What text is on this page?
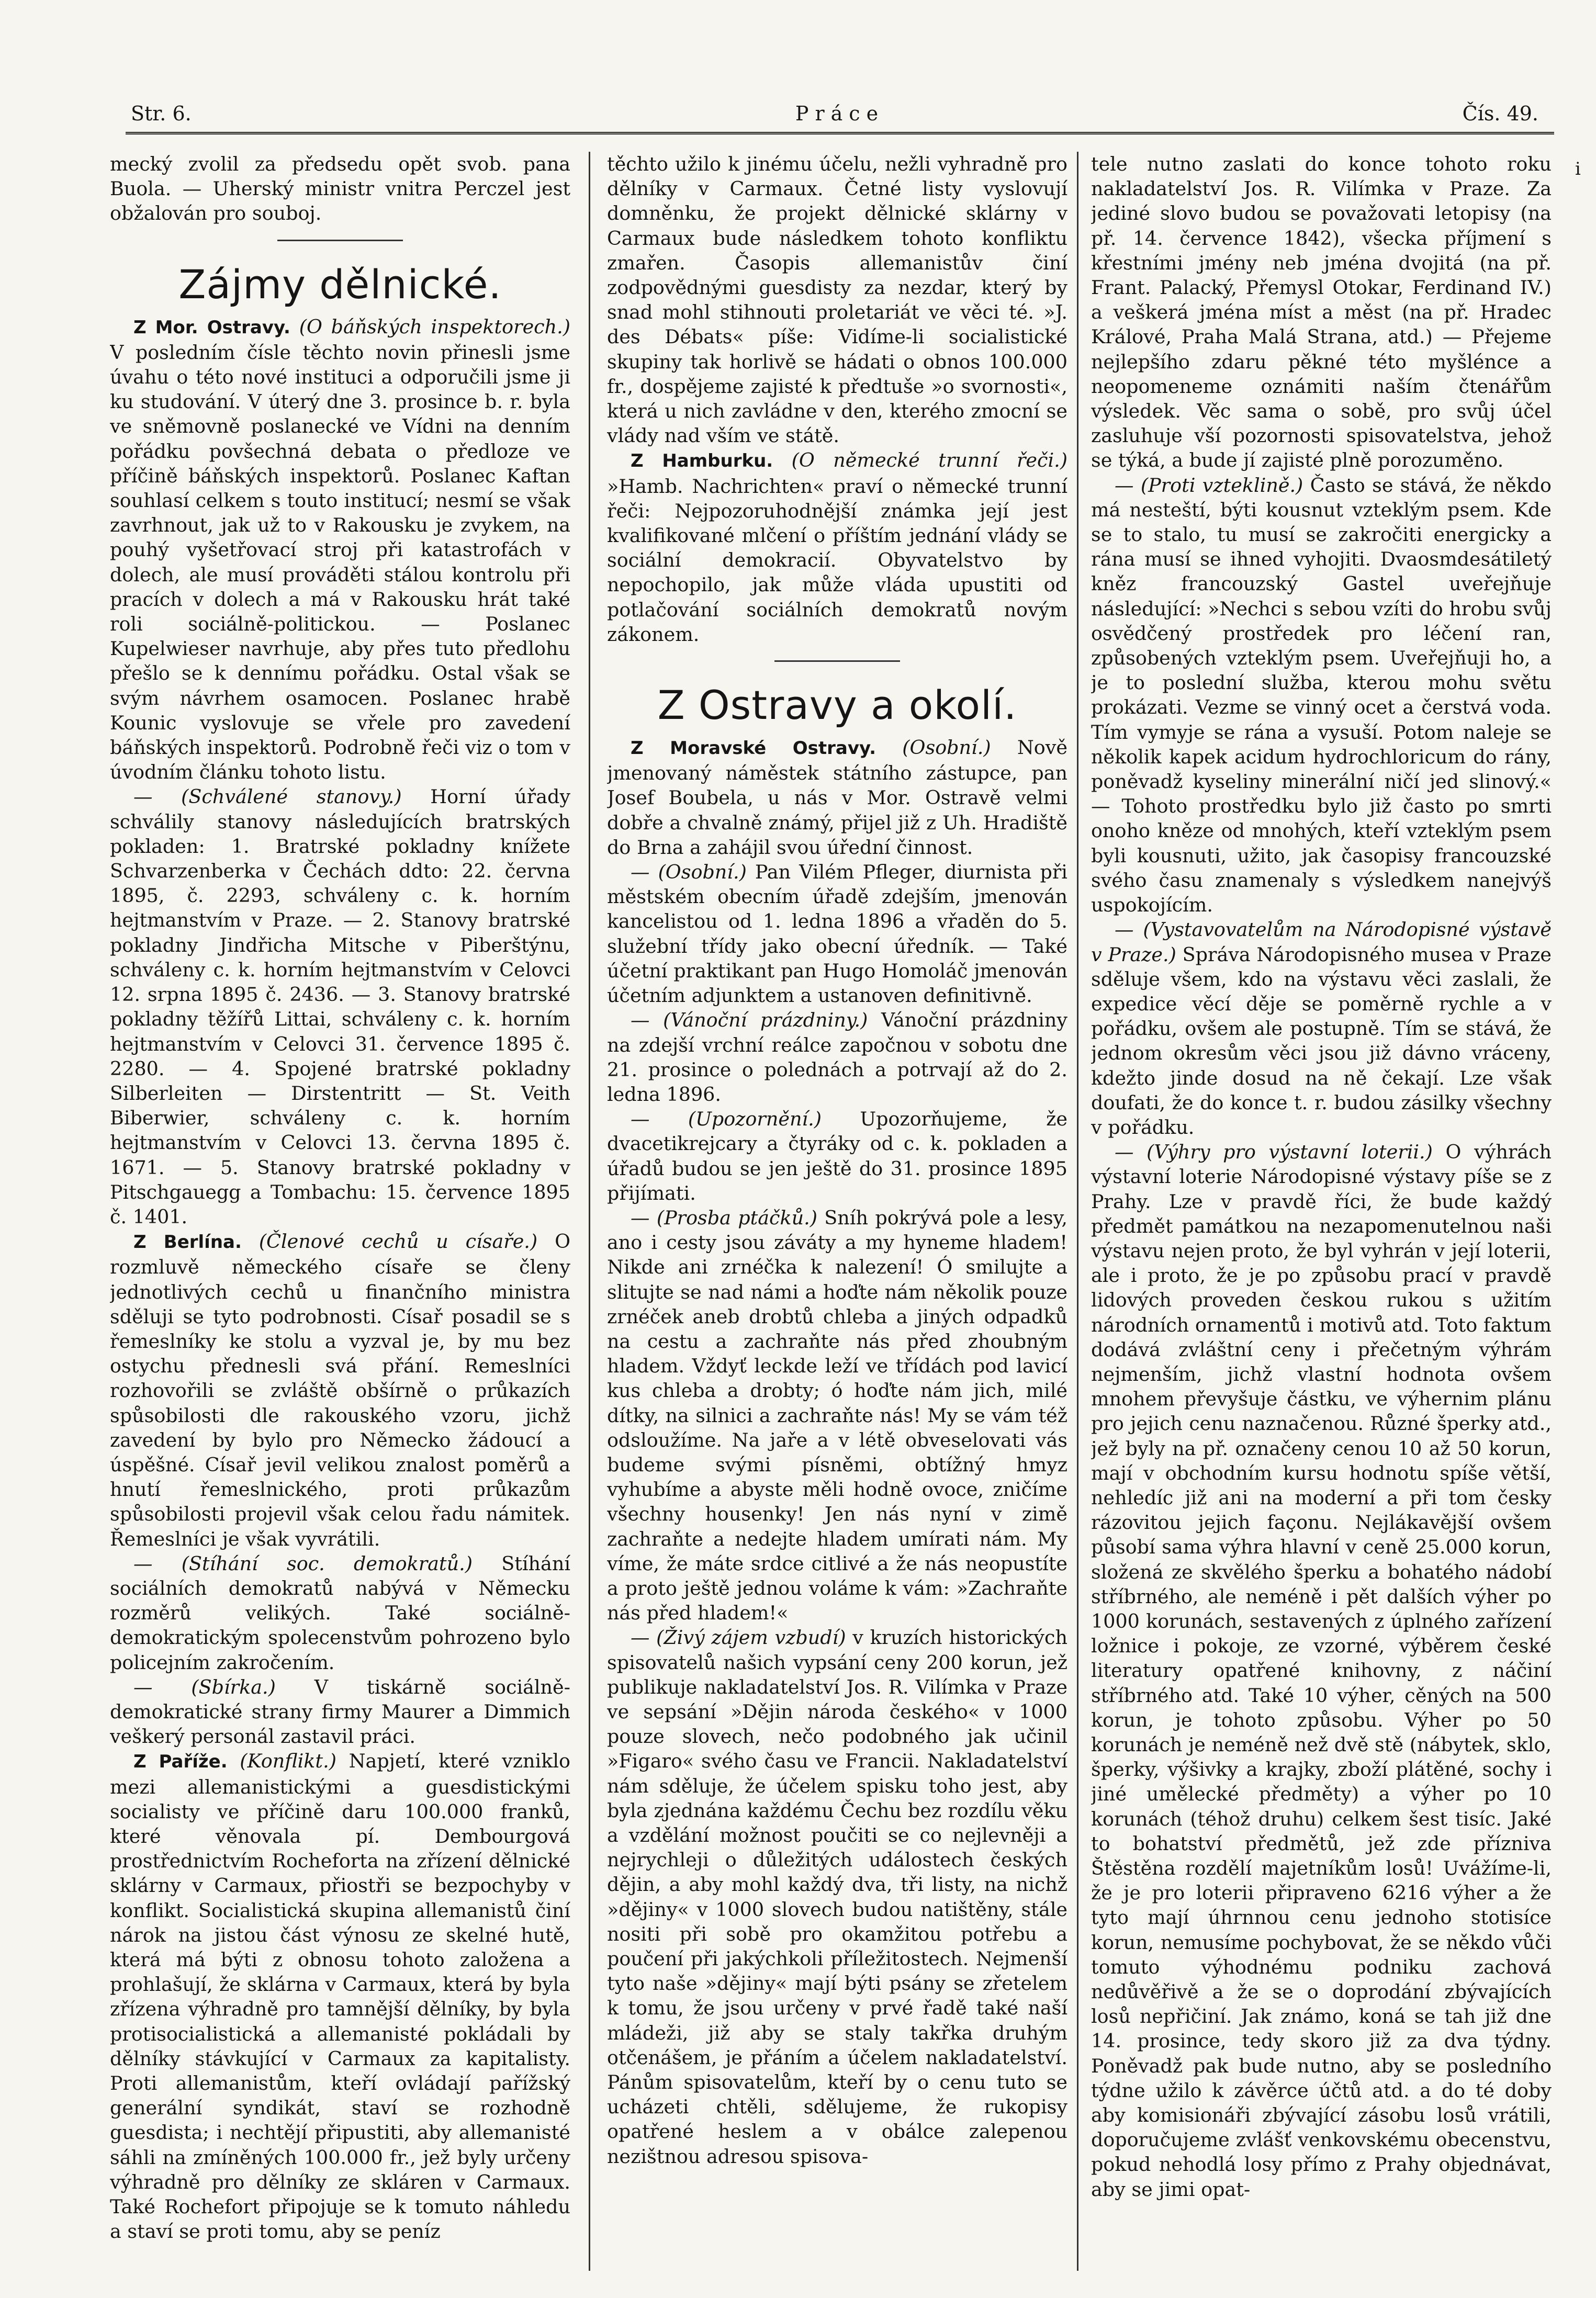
Str. 6.	Práce	Čís. 49.

mecký zvolil za předsedu opět svob. pana Buola. — Uherský ministr vnitra Perczel jest obžalován pro souboj.

Zájmy dělnické.

Z Mor. Ostravy. (O báňských inspektorech.) V posledním čísle těchto novin přinesli jsme úvahu o této nové instituci a odporučili jsme ji ku studování. V úterý dne 3. prosince b. r. byla ve sněmovně poslanecké ve Vídni na denním pořádku povšechná debata o předloze ve příčině báňských inspektorů. Poslanec Kaftan souhlasí celkem s touto institucí; nesmí se však zavrhnout, jak už to v Rakousku je zvykem, na pouhý vyšetřovací stroj při katastrofách v dolech, ale musí prováděti stálou kontrolu při pracích v dolech a má v Rakousku hrát také roli sociálně-politickou. — Poslanec Kupelwieser navrhuje, aby přes tuto předlohu přešlo se k dennímu pořádku. Ostal však se svým návrhem osamocen. Poslanec hrabě Kounic vyslovuje se vřele pro zavedení báňských inspektorů. Podrobně řeči viz o tom v úvodním článku tohoto listu.

— (Schválené stanovy.) Horní úřady schválily stanovy následujících bratrských pokladen: 1. Bratrské pokladny knížete Schvarzenberka v Čechách ddto: 22. června 1895, č. 2293, schváleny c. k. horním hejtmanstvím v Praze. — 2. Stanovy bratrské pokladny Jindřicha Mitsche v Piberštýnu, schváleny c. k. horním hejtmanstvím v Celovci 12. srpna 1895 č. 2436. — 3. Stanovy bratrské pokladny těžířů Littai, schváleny c. k. horním hejtmanstvím v Celovci 31. července 1895 č. 2280. — 4. Spojené bratrské pokladny Silberleiten — Dirstentritt — St. Veith Biberwier, schváleny c. k. horním hejtmanstvím v Celovci 13. června 1895 č. 1671. — 5. Stanovy bratrské pokladny v Pitschgauegg a Tombachu: 15. července 1895 č. 1401.

Z Berlína. (Členové cechů u císaře.) O rozmluvě německého císaře se členy jednotlivých cechů u finančního ministra sděluji se tyto podrobnosti. Císař posadil se s řemeslníky ke stolu a vyzval je, by mu bez ostychu přednesli svá přání. Remeslníci rozhovořili se zvláště obšírně o průkazích spůsobilosti dle rakouského vzoru, jichž zavedení by bylo pro Německo žádoucí a úspěšné. Císař jevil velikou znalost poměrů a hnutí řemeslnického, proti průkazům spůsobilosti projevil však celou řadu námitek. Řemeslníci je však vyvrátili.

— (Stíhání soc. demokratů.) Stíhání sociálních demokratů nabývá v Německu rozměrů velikých. Také sociálně-demokratickým spolecenstvům pohrozeno bylo policejním zakročením.

— (Sbírka.) V tiskárně sociálně-demokratické strany firmy Maurer a Dimmich veškerý personál zastavil práci.

Z Paříže. (Konflikt.) Napjetí, které vzniklo mezi allemanistickými a guesdistickými socialisty ve příčině daru 100.000 franků, které věnovala pí. Dembourgová prostřednictvím Rocheforta na zřízení dělnické sklárny v Carmaux, přiostři se bezpochyby v konflikt. Socialistická skupina allemanistů činí nárok na jistou část výnosu ze skelné hutě, která má býti z obnosu tohoto založena a prohlašují, že sklárna v Carmaux, která by byla zřízena výhradně pro tamnější dělníky, by byla protisocialistická a allemanisté pokládali by dělníky stávkující v Carmaux za kapitalisty. Proti allemanistům, kteří ovládají pařížský generální syndikát, staví se rozhodně guesdista; i nechtějí připustiti, aby allemanisté sáhli na zmíněných 100.000 fr., jež byly určeny výhradně pro dělníky ze skláren v Carmaux. Také Rochefort připojuje se k tomuto náhledu a staví se proti tomu, aby se peníz

těchto užilo k jinému účelu, nežli vyhradně pro dělníky v Carmaux. Četné listy vyslovují domněnku, že projekt dělnické sklárny v Carmaux bude následkem tohoto konfliktu zmařen. Časopis allemanistův činí zodpovědnými guesdisty za nezdar, který by snad mohl stihnouti proletariát ve věci té. »J. des Débats« píše: Vidíme-li socialistické skupiny tak horlivě se hádati o obnos 100.000 fr., dospějeme zajisté k předtuše »o svornosti«, která u nich zavládne v den, kterého zmocní se vlády nad vším ve státě.

Z Hamburku. (O německé trunní řeči.) »Hamb. Nachrichten« praví o německé trunní řeči: Nejpozoruhodnější známka její jest kvalifikované mlčení o příštím jednání vlády se sociální demokracií. Obyvatelstvo by nepochopilo, jak může vláda upustiti od potlačování sociálních demokratů novým zákonem.

Z Ostravy a okolí.

Z Moravské Ostravy. (Osobní.) Nově jmenovaný náměstek státního zástupce, pan Josef Boubela, u nás v Mor. Ostravě velmi dobře a chvalně známý, přijel již z Uh. Hradiště do Brna a zahájil svou úřední činnost.

— (Osobní.) Pan Vilém Pfleger, diurnista při městském obecním úřadě zdejším, jmenován kancelistou od 1. ledna 1896 a vřaděn do 5. služební třídy jako obecní úředník. — Také účetní praktikant pan Hugo Homoláč jmenován účetním adjunktem a ustanoven definitivně.

— (Vánoční prázdniny.) Vánoční prázdniny na zdejší vrchní reálce započnou v sobotu dne 21. prosince o polednách a potrvají až do 2. ledna 1896.

— (Upozornění.) Upozorňujeme, že dvacetikrejcary a čtyráky od c. k. pokladen a úřadů budou se jen ještě do 31. prosince 1895 přijímati.

— (Prosba ptáčků.) Sníh pokrývá pole a lesy, ano i cesty jsou záváty a my hyneme hladem! Nikde ani zrnéčka k nalezení! Ó smilujte a slitujte se nad námi a hoďte nám několik pouze zrnéček aneb drobtů chleba a jiných odpadků na cestu a zachraňte nás před zhoubným hladem. Vždyť leckde leží ve třídách pod lavicí kus chleba a drobty; ó hoďte nám jich, milé dítky, na silnici a zachraňte nás! My se vám též odsloužíme. Na jaře a v létě obveselovati vás budeme svými písněmi, obtížný hmyz vyhubíme a abyste měli hodně ovoce, zničíme všechny housenky! Jen nás nyní v zimě zachraňte a nedejte hladem umírati nám. My víme, že máte srdce citlivé a že nás neopustíte a proto ještě jednou voláme k vám: »Zachraňte nás před hladem!«

— (Živý zájem vzbudí) v kruzích historických spisovatelů našich vypsání ceny 200 korun, jež publikuje nakladatelství Jos. R. Vilímka v Praze ve sepsání »Dějin národa českého« v 1000 pouze slovech, nečo podobného jak učinil »Figaro« svého času ve Francii. Nakladatelství nám sděluje, že účelem spisku toho jest, aby byla zjednána každému Čechu bez rozdílu věku a vzdělání možnost poučiti se co nejlevněji a nejrychleji o důležitých událostech českých dějin, a aby mohl každý dva, tři listy, na nichž »dějiny« v 1000 slovech budou natištěny, stále nositi při sobě pro okamžitou potřebu a poučení při jakýchkoli příležitostech. Nejmenší tyto naše »dějiny« mají býti psány se zřetelem k tomu, že jsou určeny v prvé řadě také naší mládeži, již aby se staly takřka druhým otčenášem, je přáním a účelem nakladatelství. Pánům spisovatelům, kteří by o cenu tuto se ucházeti chtěli, sdělujeme, že rukopisy opatřené heslem a v obálce zalepenou nezištnou adresou spisova-

tele nutno zaslati do konce tohoto roku nakladatelství Jos. R. Vilímka v Praze. Za jediné slovo budou se považovati letopisy (na př. 14. července 1842), všecka příjmení s křestními jmény neb jména dvojitá (na př. Frant. Palacký, Přemysl Otokar, Ferdinand IV.) a veškerá jména míst a měst (na př. Hradec Králové, Praha Malá Strana, atd.) — Přejeme nejlepšího zdaru pěkné této myšlénce a neopomeneme oznámiti naším čtenářům výsledek. Věc sama o sobě, pro svůj účel zasluhuje vší pozornosti spisovatelstva, jehož se týká, a bude jí zajisté plně porozuměno.

— (Proti vzteklině.) Často se stává, že někdo má nesteští, býti kousnut vzteklým psem. Kde se to stalo, tu musí se zakročiti energicky a rána musí se ihned vyhojiti. Dvaosmdesátiletý kněz francouzský Gastel uveřejňuje následující: »Nechci s sebou vzíti do hrobu svůj osvědčený prostředek pro léčení ran, způsobených vzteklým psem. Uveřejňuji ho, a je to poslední služba, kterou mohu světu prokázati. Vezme se vinný ocet a čerstvá voda. Tím vymyje se rána a vysuší. Potom naleje se několik kapek acidum hydrochloricum do rány, poněvadž kyseliny minerální ničí jed slinový.« — Tohoto prostředku bylo již často po smrti onoho kněze od mnohých, kteří vzteklým psem byli kousnuti, užito, jak časopisy francouzské svého času znamenaly s výsledkem nanejvýš uspokojícím.

— (Vystavovatelům na Národopisné výstavě v Praze.) Správa Národopisného musea v Praze sděluje všem, kdo na výstavu věci zaslali, že expedice věcí děje se poměrně rychle a v pořádku, ovšem ale postupně. Tím se stává, že jednom okresům věci jsou již dávno vráceny, kdežto jinde dosud na ně čekají. Lze však doufati, že do konce t. r. budou zásilky všechny v pořádku.

— (Výhry pro výstavní loterii.) O výhrách výstavní loterie Národopisné výstavy píše se z Prahy. Lze v pravdě říci, že bude každý předmět památkou na nezapomenutelnou naši výstavu nejen proto, že byl vyhrán v její loterii, ale i proto, že je po způsobu prací v pravdě lidových proveden českou rukou s užitím národních ornamentů i motivů atd. Toto faktum dodává zvláštní ceny i přečetným výhrám nejmenším, jichž vlastní hodnota ovšem mnohem převyšuje částku, ve výhernim plánu pro jejich cenu naznačenou. Různé šperky atd., jež byly na př. označeny cenou 10 až 50 korun, mají v obchodním kursu hodnotu spíše větší, nehledíc již ani na moderní a při tom česky rázovitou jejich façonu. Nejlákavější ovšem působí sama výhra hlavní v ceně 25.000 korun, složená ze skvělého šperku a bohatého nádobí stříbrného, ale neméně i pět dalších výher po 1000 korunách, sestavených z úplného zařízení ložnice i pokoje, ze vzorné, výběrem české literatury opatřené knihovny, z náčiní stříbrného atd. Také 10 výher, cěných na 500 korun, je tohoto způsobu. Výher po 50 korunách je neméně než dvě stě (nábytek, sklo, šperky, výšivky a krajky, zboží plátěné, sochy i jiné umělecké předměty) a výher po 10 korunách (téhož druhu) celkem šest tisíc. Jaké to bohatství předmětů, jež zde přízniva Štěstěna rozdělí majetníkům losů! Uvážíme-li, že je pro loterii připraveno 6216 výher a že tyto mají úhrnnou cenu jednoho stotisíce korun, nemusíme pochybovat, že se někdo vůči tomuto výhodnému podniku zachová nedůvěřivě a že se o doprodání zbývajících losů nepřičiní. Jak známo, koná se tah již dne 14. prosince, tedy skoro již za dva týdny. Poněvadž pak bude nutno, aby se posledního týdne užilo k závěrce účtů atd. a do té doby aby komisionáři zbývající zásobu losů vrátili, doporučujeme zvlášť venkovskému obecenstvu, pokud nehodlá losy přímo z Prahy objednávat, aby se jimi opat-

i
